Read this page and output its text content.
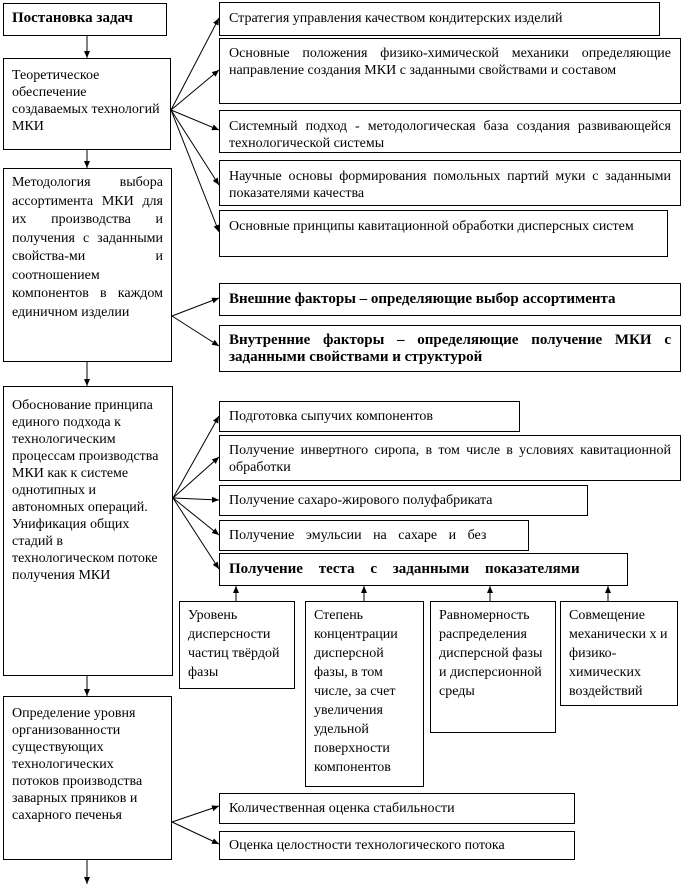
Постановка задач
Теоретическое обеспечение создаваемых технологий МКИ
Методология выбора ассортимента МКИ для их производства и получения с заданными свойства-ми и соотношением компонентов в каждом единичном изделии
Обоснование принципа единого подхода к технологическим процессам производства МКИ как к системе однотипных и автономных операций. Унификация общих стадий в технологическом потоке получения МКИ
Определение уровня организованности существующих технологических потоков производства заварных пряников и сахарного печенья
Стратегия управления качеством кондитерских изделий
Основные положения физико-химической механики определяющие направление создания МКИ с заданными свойствами и составом
Системный подход - методологическая база создания развивающейся технологической системы
Научные основы формирования помольных партий муки с заданными показателями качества
Основные принципы кавитационной обработки дисперсных систем
Внешние факторы – определяющие выбор ассортимента
Внутренние факторы – определяющие получение МКИ с заданными свойствами и структурой
Подготовка сыпучих компонентов
Получение инвертного сиропа, в том числе в условиях кавитационной обработки
Получение сахаро-жирового полуфабриката
Получение эмульсии на сахаре и без
Получение теста с заданными показателями
Уровень дисперсности частиц твёрдой фазы
Степень концентрации дисперсной фазы, в том числе, за счет увеличения удельной поверхности компонентов
Равномерность распределения дисперсной фазы и дисперсионной среды
Совмещение механически х и физико-химических воздействий
Количественная оценка стабильности
Оценка целостности технологического потока
